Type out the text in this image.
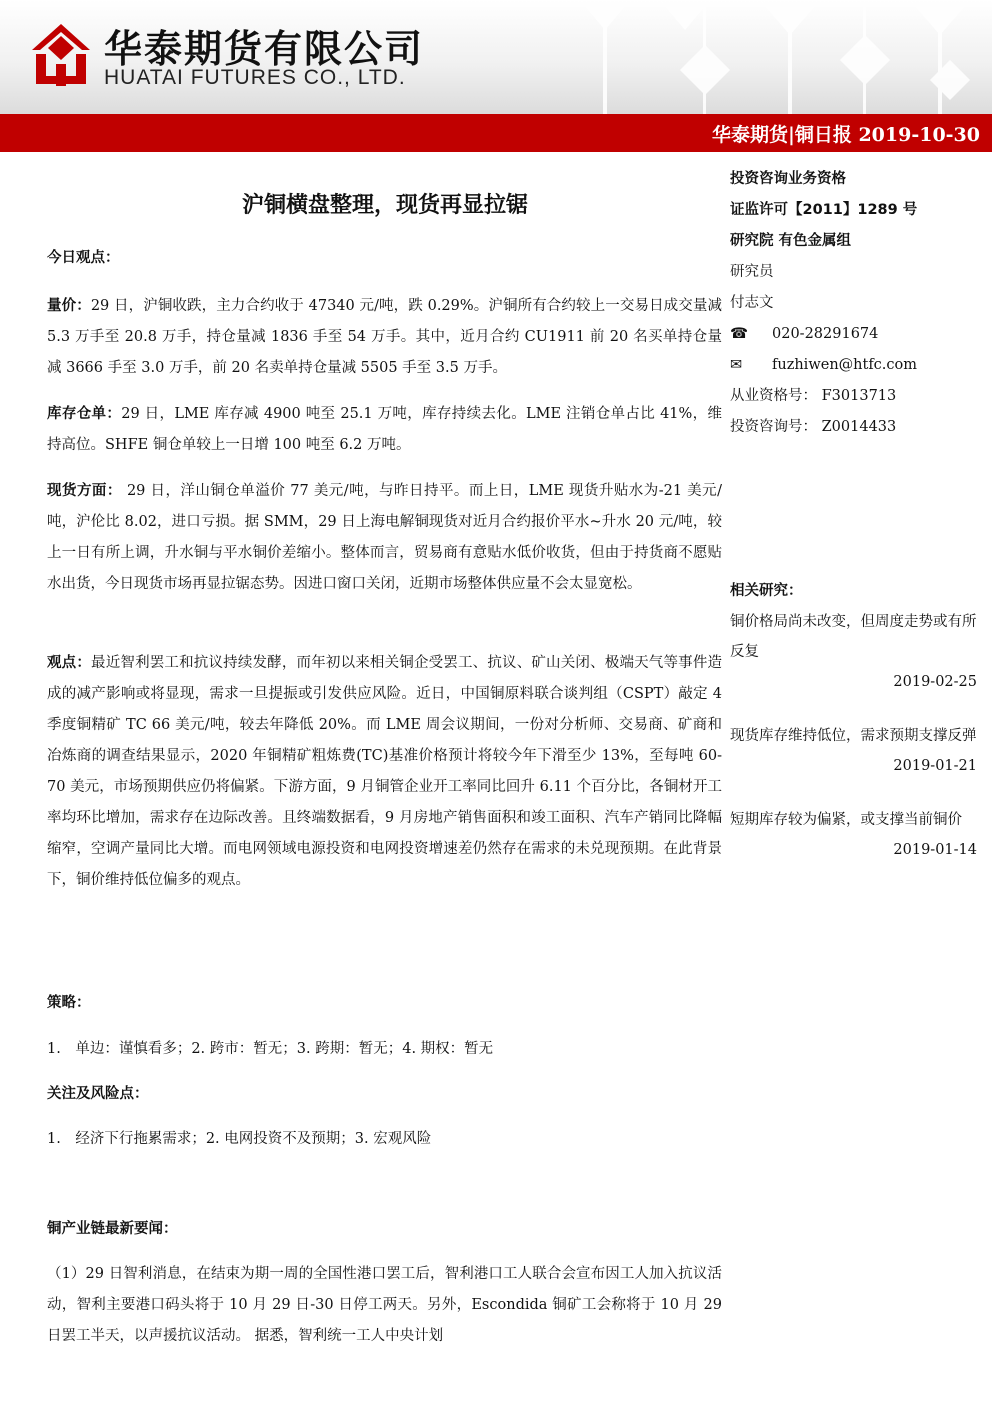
华泰期货有限公司
HUATAI FUTURES CO., LTD.
华泰期货|铜日报 2019-10-30
沪铜横盘整理，现货再显拉锯
今日观点：
量价：29 日，沪铜收跌，主力合约收于 47340 元/吨，跌 0.29%。沪铜所有合约较上一交易日成交量减 5.3 万手至 20.8 万手，持仓量减 1836 手至 54 万手。其中，近月合约 CU1911 前 20 名买单持仓量减 3666 手至 3.0 万手，前 20 名卖单持仓量减 5505 手至 3.5 万手。
库存仓单：29 日，LME 库存减 4900 吨至 25.1 万吨，库存持续去化。LME 注销仓单占比 41%，维持高位。SHFE 铜仓单较上一日增 100 吨至 6.2 万吨。
现货方面： 29 日，洋山铜仓单溢价 77 美元/吨，与昨日持平。而上日，LME 现货升贴水为-21 美元/吨，沪伦比 8.02，进口亏损。据 SMM，29 日上海电解铜现货对近月合约报价平水~升水 20 元/吨，较上一日有所上调，升水铜与平水铜价差缩小。整体而言，贸易商有意贴水低价收货，但由于持货商不愿贴水出货，今日现货市场再显拉锯态势。因进口窗口关闭，近期市场整体供应量不会太显宽松。
观点：最近智利罢工和抗议持续发酵，而年初以来相关铜企受罢工、抗议、矿山关闭、极端天气等事件造成的减产影响或将显现，需求一旦提振或引发供应风险。近日，中国铜原料联合谈判组（CSPT）敲定 4 季度铜精矿 TC 66 美元/吨，较去年降低 20%。而 LME 周会议期间，一份对分析师、交易商、矿商和冶炼商的调查结果显示，2020 年铜精矿粗炼费(TC)基准价格预计将较今年下滑至少 13%，至每吨 60-70 美元，市场预期供应仍将偏紧。下游方面，9 月铜管企业开工率同比回升 6.11 个百分比，各铜材开工率均环比增加，需求存在边际改善。且终端数据看，9 月房地产销售面积和竣工面积、汽车产销同比降幅缩窄，空调产量同比大增。而电网领域电源投资和电网投资增速差仍然存在需求的未兑现预期。在此背景下，铜价维持低位偏多的观点。
策略：
1.　单边：谨慎看多；2. 跨市：暂无；3. 跨期：暂无；4. 期权：暂无
关注及风险点：
1.　经济下行拖累需求；2. 电网投资不及预期；3. 宏观风险
铜产业链最新要闻：
（1）29 日智利消息，在结束为期一周的全国性港口罢工后，智利港口工人联合会宣布因工人加入抗议活动，智利主要港口码头将于 10 月 29 日-30 日停工两天。另外，Escondida 铜矿工会称将于 10 月 29 日罢工半天，以声援抗议活动。 据悉，智利统一工人中央计划
投资咨询业务资格
证监许可【2011】1289 号
研究院 有色金属组
研究员
付志文
☎ 020-28291674
✉ fuzhiwen@htfc.com
从业资格号： F3013713
投资咨询号： Z0014433
相关研究：
铜价格局尚未改变，但周度走势或有所反复
2019-02-25
现货库存维持低位，需求预期支撑反弹
2019-01-21
短期库存较为偏紧，或支撑当前铜价
2019-01-14
